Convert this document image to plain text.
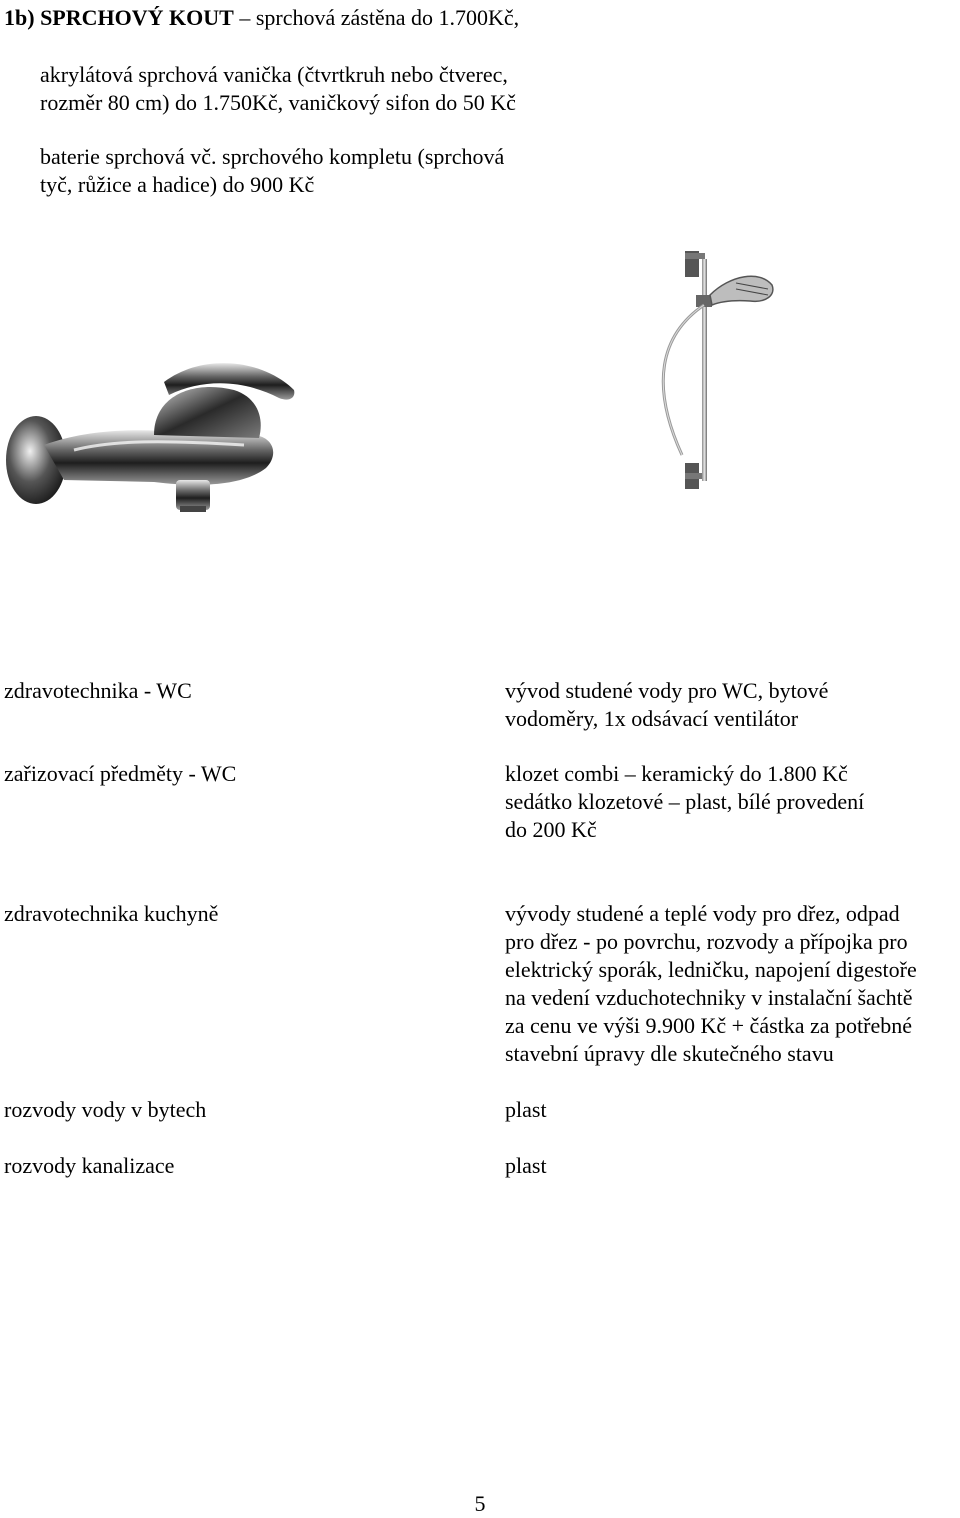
1b) SPRCHOVÝ KOUT – sprchová zástěna do 1.700Kč,
akrylátová sprchová vanička (čtvrtkruh nebo čtverec,
rozměr 80 cm) do 1.750Kč, vaničkový sifon do 50 Kč
baterie sprchová vč. sprchového kompletu (sprchová
tyč, růžice a hadice) do 900 Kč
zdravotechnika - WC	vývod studené vody pro WC, bytové
vodoměry, 1x odsávací ventilátor
zařizovací předměty - WC	klozet combi – keramický do 1.800 Kč
sedátko klozetové – plast, bílé provedení
do 200 Kč
zdravotechnika kuchyně	vývody studené a teplé vody pro dřez, odpad
pro dřez - po povrchu, rozvody a přípojka pro
elektrický sporák, ledničku, napojení digestoře
na vedení vzduchotechniky v instalační šachtě
za cenu ve výši 9.900 Kč + částka za potřebné
stavební úpravy dle skutečného stavu
rozvody vody v bytech	plast
rozvody kanalizace	plast
5
